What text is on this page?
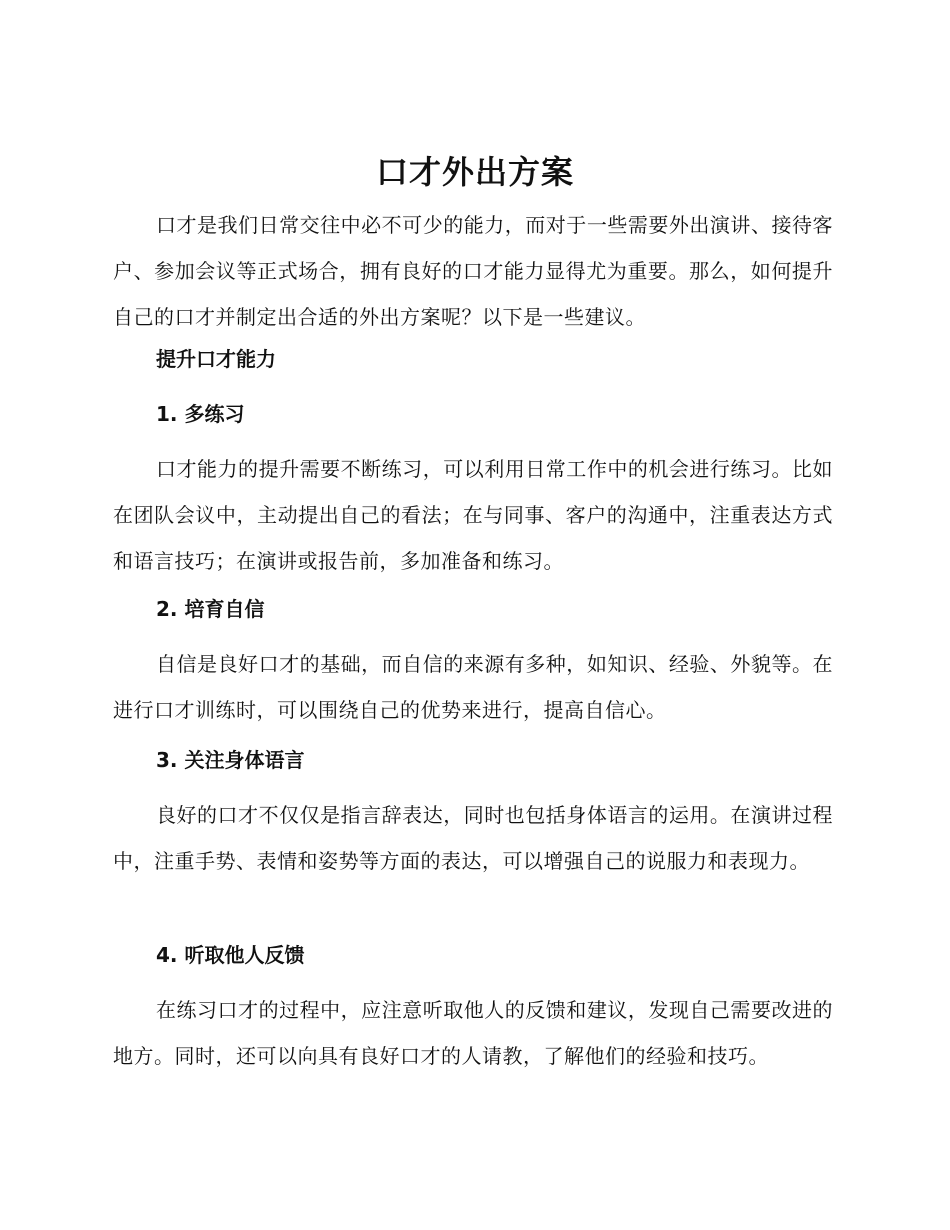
口才外出方案
口才是我们日常交往中必不可少的能力，而对于一些需要外出演讲、接待客户、参加会议等正式场合，拥有良好的口才能力显得尤为重要。那么，如何提升自己的口才并制定出合适的外出方案呢？以下是一些建议。
提升口才能力
1. 多练习
口才能力的提升需要不断练习，可以利用日常工作中的机会进行练习。比如在团队会议中，主动提出自己的看法；在与同事、客户的沟通中，注重表达方式和语言技巧；在演讲或报告前，多加准备和练习。
2. 培育自信
自信是良好口才的基础，而自信的来源有多种，如知识、经验、外貌等。在进行口才训练时，可以围绕自己的优势来进行，提高自信心。
3. 关注身体语言
良好的口才不仅仅是指言辞表达，同时也包括身体语言的运用。在演讲过程中，注重手势、表情和姿势等方面的表达，可以增强自己的说服力和表现力。
4. 听取他人反馈
在练习口才的过程中，应注意听取他人的反馈和建议，发现自己需要改进的地方。同时，还可以向具有良好口才的人请教，了解他们的经验和技巧。
